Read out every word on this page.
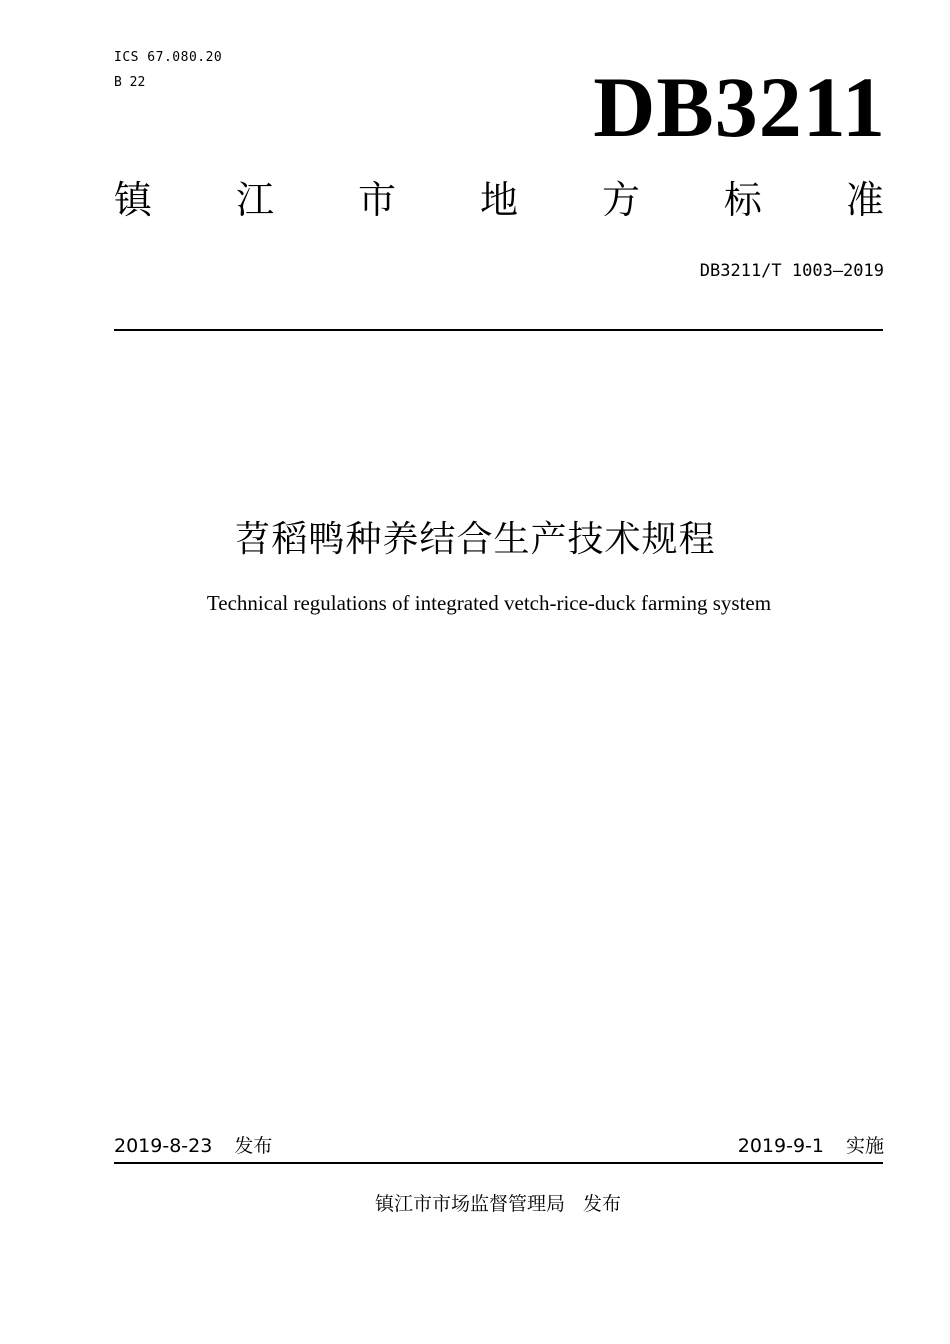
ICS 67.080.20
B 22	DB3211
镇 江 市 地 方 标 准
DB3211/T 1003—2019
苕稻鸭种养结合生产技术规程
Technical regulations of integrated vetch-rice-duck farming system
2019-8-23 发布	2019-9-1 实施
镇江市市场监督管理局 发布
